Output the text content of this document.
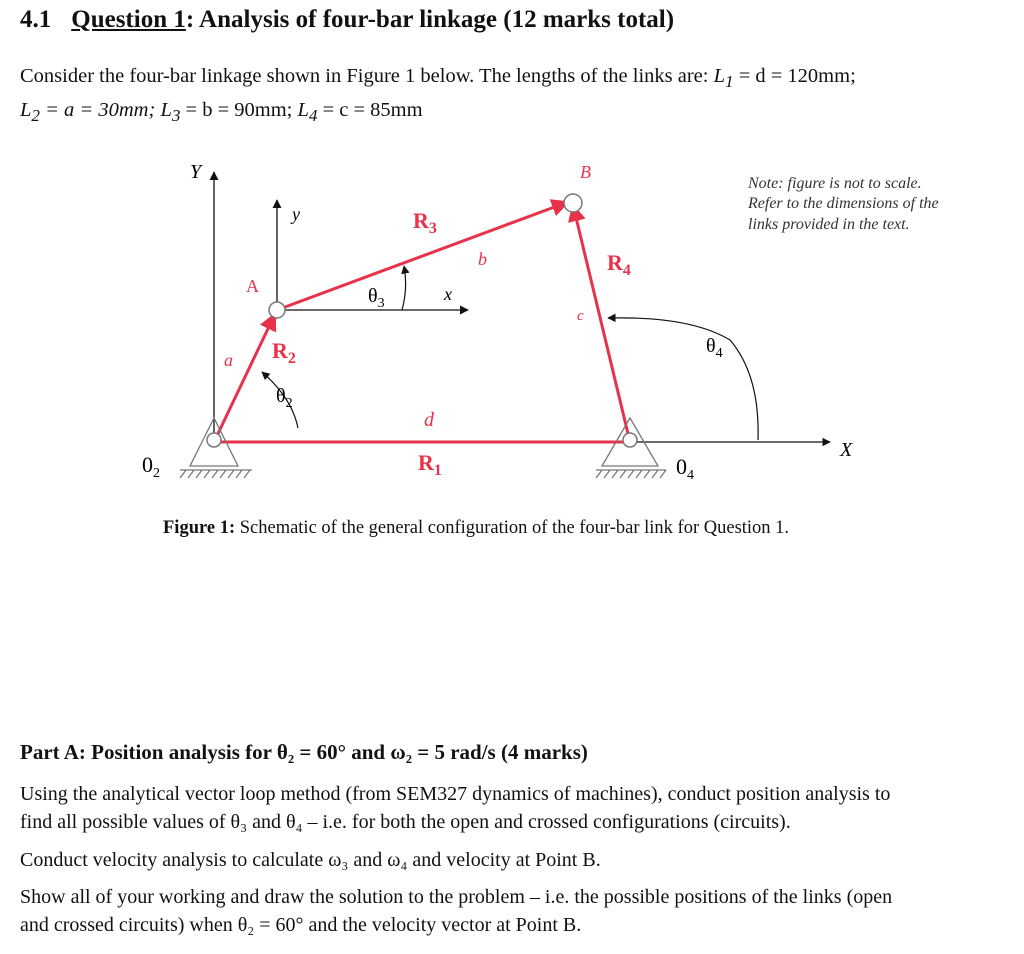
4.1 Question 1: Analysis of four-bar linkage (12 marks total)
Consider the four-bar linkage shown in Figure 1 below. The lengths of the links are: $L_1 = d = 120mm$;
$L_2 = a = 30mm$; $L_3 = b = 90mm$; $L_4 = c = 85mm$
Y
y
B
A
$R_3$
b	$R_4$
$\theta_3$	x
c
a $R_2$
$\theta_4$
$\theta_2$
d
X
$0_2$	$R_1$	$0_4$
Note: figure is not to scale.
Refer to the dimensions of the
links provided in the text.
Figure 1: Schematic of the general configuration of the four-bar link for Question 1.
Part A: Position analysis for θ₂ = 60° and ω₂ = 5 rad/s (4 marks)
Using the analytical vector loop method (from SEM327 dynamics of machines), conduct position analysis to
find all possible values of θ₃ and θ₄ – i.e. for both the open and crossed configurations (circuits).
Conduct velocity analysis to calculate ω₃ and ω₄ and velocity at Point B.
Show all of your working and draw the solution to the problem – i.e. the possible positions of the links (open
and crossed circuits) when θ₂ = 60° and the velocity vector at Point B.
